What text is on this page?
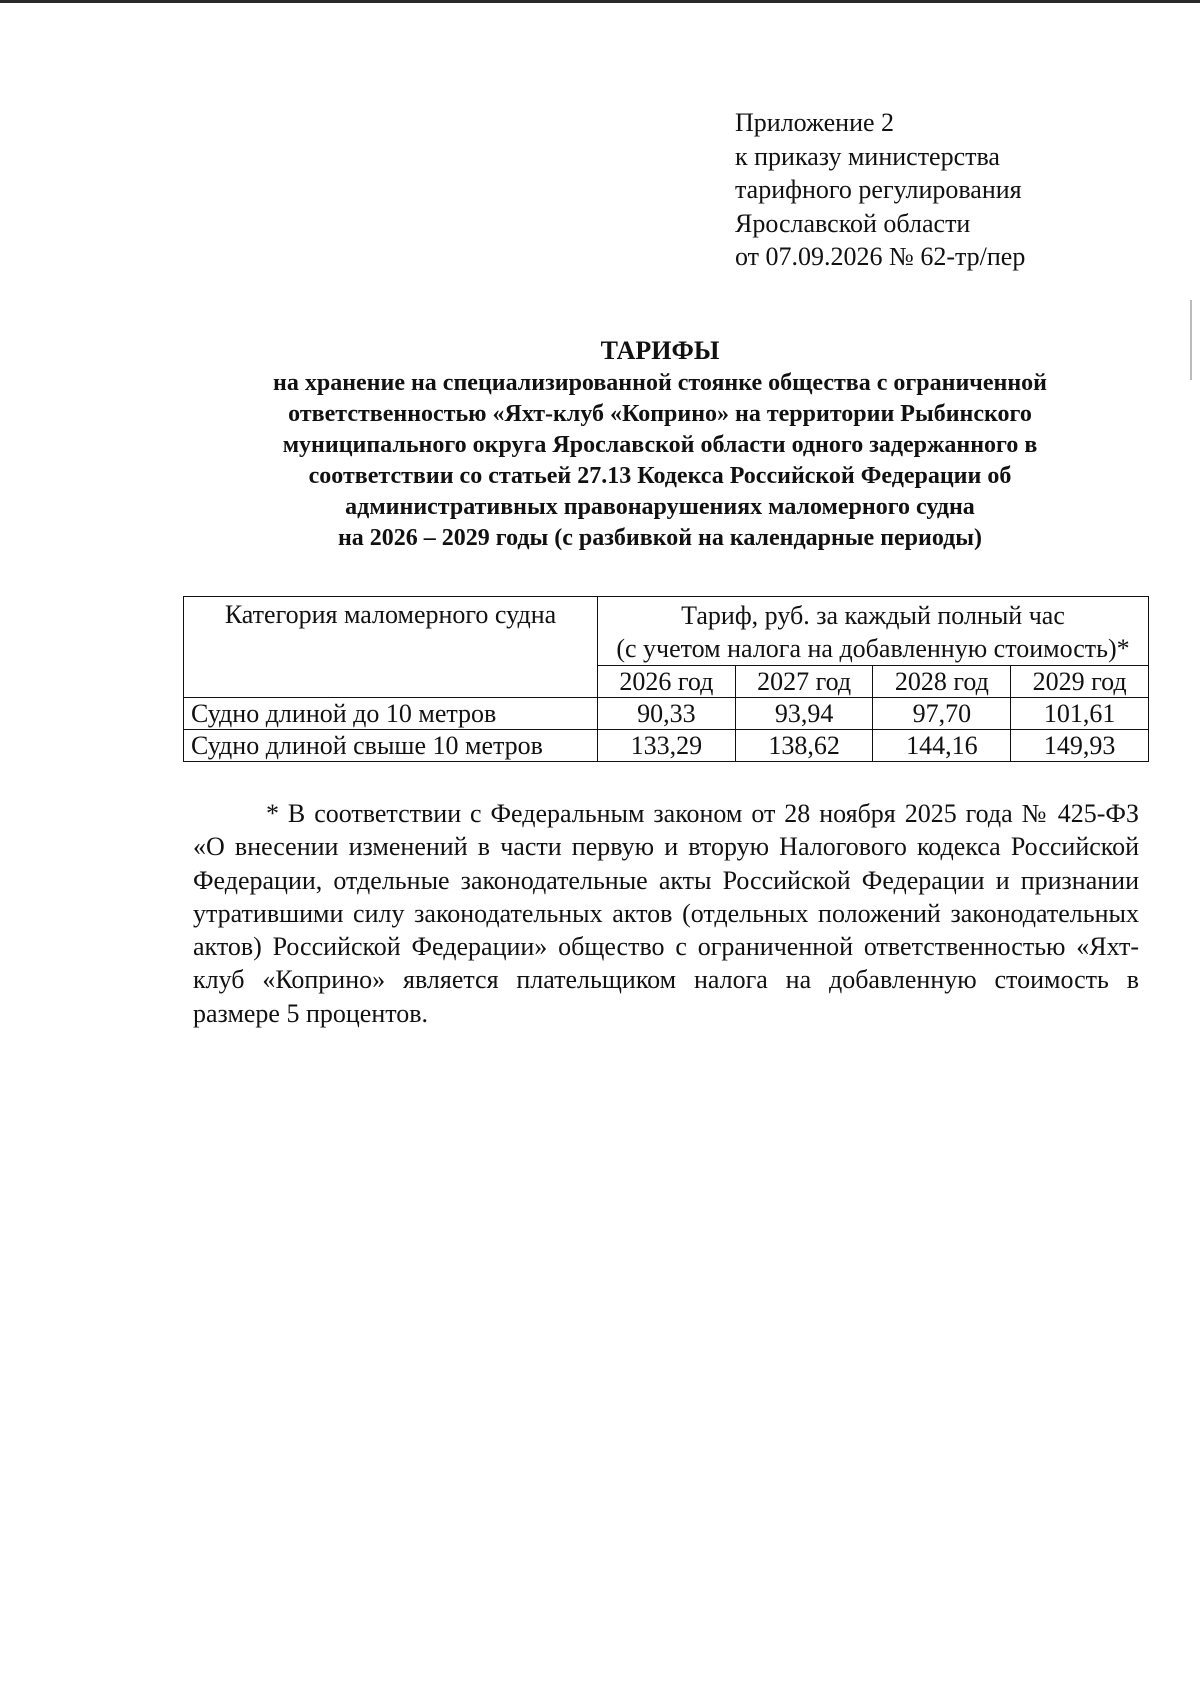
Приложение 2
к приказу министерства
тарифного регулирования
Ярославской области
от 07.09.2026 № 62-тр/пер
ТАРИФЫ
на хранение на специализированной стоянке общества с ограниченной
ответственностью «Яхт-клуб «Коприно» на территории Рыбинского
муниципального округа Ярославской области одного задержанного в
соответствии со статьей 27.13 Кодекса Российской Федерации об
административных правонарушениях маломерного судна
на 2026 – 2029 годы (с разбивкой на календарные периоды)
Категория маломерного судна	Тариф, руб. за каждый полный час
(с учетом налога на добавленную стоимость)*			

	2026 год	2027 год	2028 год	2029 год
Судно длиной до 10 метров	90,33	93,94	97,70	101,61
Судно длиной свыше 10 метров	133,29	138,62	144,16	149,93

* В соответствии с Федеральным законом от 28 ноября 2025 года № 425-ФЗ «О внесении изменений в части первую и вторую Налогового кодекса Российской Федерации, отдельные законодательные акты Российской Федерации и признании утратившими силу законодательных актов (отдельных положений законодательных актов) Российской Федерации» общество с ограниченной ответственностью «Яхт-клуб «Коприно» является плательщиком налога на добавленную стоимость в размере 5 процентов.
